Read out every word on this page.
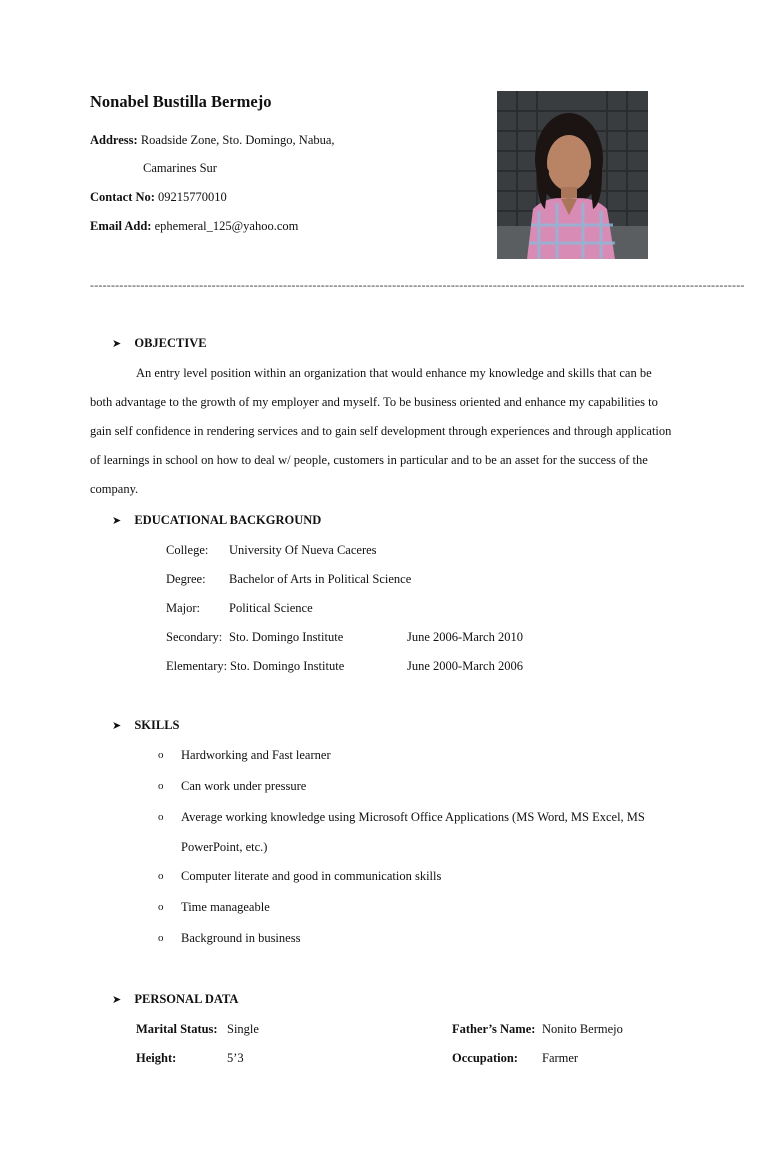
Nonabel Bustilla Bermejo
Address: Roadside Zone, Sto. Domingo, Nabua,
Camarines Sur
Contact No: 09215770010
Email Add: ephemeral_125@yahoo.com
------------------------------------------------------------------------------------------------------------------------------------------------------------
➤ OBJECTIVE
An entry level position within an organization that would enhance my knowledge and skills that can be
both advantage to the growth of my employer and myself. To be business oriented and enhance my capabilities to
gain self confidence in rendering services and to gain self development through experiences and through application
of learnings in school on how to deal w/ people, customers in particular and to be an asset for the success of the
company.
➤ EDUCATIONAL BACKGROUND
College: University Of Nueva Caceres
Degree: Bachelor of Arts in Political Science
Major: Political Science
Secondary: Sto. Domingo Institute	June 2006-March 2010
Elementary: Sto. Domingo Institute	June 2000-March 2006
➤ SKILLS
o Hardworking and Fast learner
o Can work under pressure
o Average working knowledge using Microsoft Office Applications (MS Word, MS Excel, MS
PowerPoint, etc.)
o Computer literate and good in communication skills
o Time manageable
o Background in business
➤ PERSONAL DATA
Marital Status: Single	Father’s Name: Nonito Bermejo
Height:	5’3	Occupation: Farmer
